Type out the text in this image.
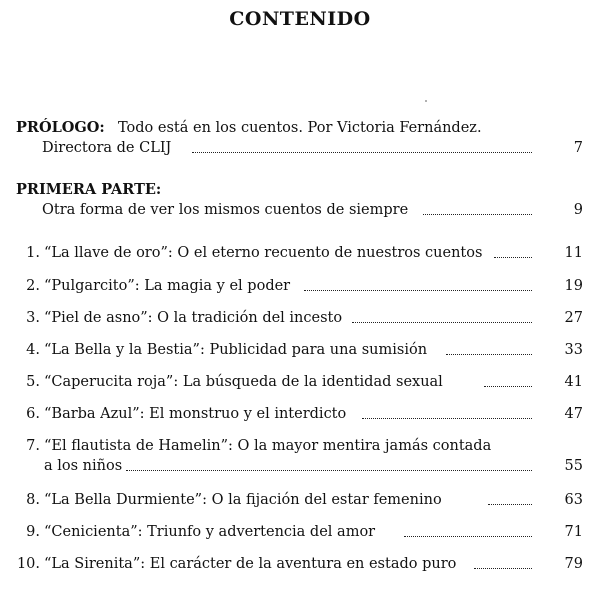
CONTENIDO
PRÓLOGO: Todo está en los cuentos. Por Victoria Fernández.
Directora de CLIJ	7
PRIMERA PARTE:
Otra forma de ver los mismos cuentos de siempre	9
1. “La llave de oro”: O el eterno recuento de nuestros cuentos	11
2. “Pulgarcito”: La magia y el poder	19
3. “Piel de asno”: O la tradición del incesto	27
4. “La Bella y la Bestia”: Publicidad para una sumisión	33
5. “Caperucita roja”: La búsqueda de la identidad sexual	41
6. “Barba Azul”: El monstruo y el interdicto	47
7. “El flautista de Hamelin”: O la mayor mentira jamás contada
a los niños	55
8. “La Bella Durmiente”: O la fijación del estar femenino	63
9. “Cenicienta”: Triunfo y advertencia del amor	71
10. “La Sirenita”: El carácter de la aventura en estado puro	79
